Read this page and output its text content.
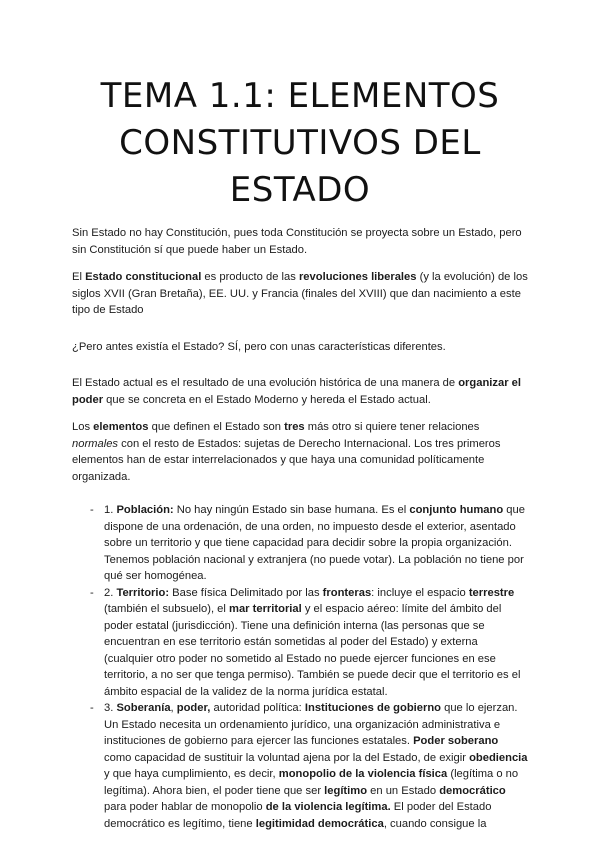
TEMA 1.1: ELEMENTOS
CONSTITUTIVOS DEL
ESTADO

Sin Estado no hay Constitución, pues toda Constitución se proyecta sobre un Estado, pero sin Constitución sí que puede haber un Estado.

El Estado constitucional es producto de las revoluciones liberales (y la evolución) de los siglos XVII (Gran Bretaña), EE. UU. y Francia (finales del XVIII) que dan nacimiento a este tipo de Estado

¿Pero antes existía el Estado? SÍ, pero con unas características diferentes.

El Estado actual es el resultado de una evolución histórica de una manera de organizar el poder que se concreta en el Estado Moderno y hereda el Estado actual.

Los elementos que definen el Estado son tres más otro si quiere tener relaciones normales con el resto de Estados: sujetas de Derecho Internacional. Los tres primeros elementos han de estar interrelacionados y que haya una comunidad políticamente organizada.

- 1. Población: No hay ningún Estado sin base humana. Es el conjunto humano que dispone de una ordenación, de una orden, no impuesto desde el exterior, asentado sobre un territorio y que tiene capacidad para decidir sobre la propia organización. Tenemos población nacional y extranjera (no puede votar). La población no tiene por qué ser homogénea.
- 2. Territorio: Base física Delimitado por las fronteras: incluye el espacio terrestre (también el subsuelo), el mar territorial y el espacio aéreo: límite del ámbito del poder estatal (jurisdicción). Tiene una definición interna (las personas que se encuentran en ese territorio están sometidas al poder del Estado) y externa (cualquier otro poder no sometido al Estado no puede ejercer funciones en ese territorio, a no ser que tenga permiso). También se puede decir que el territorio es el ámbito espacial de la validez de la norma jurídica estatal.
- 3. Soberanía, poder, autoridad política: Instituciones de gobierno que lo ejerzan. Un Estado necesita un ordenamiento jurídico, una organización administrativa e instituciones de gobierno para ejercer las funciones estatales. Poder soberano como capacidad de sustituir la voluntad ajena por la del Estado, de exigir obediencia y que haya cumplimiento, es decir, monopolio de la violencia física (legítima o no legítima). Ahora bien, el poder tiene que ser legítimo en un Estado democrático para poder hablar de monopolio de la violencia legítima. El poder del Estado democrático es legítimo, tiene legitimidad democrática, cuando consigue la
